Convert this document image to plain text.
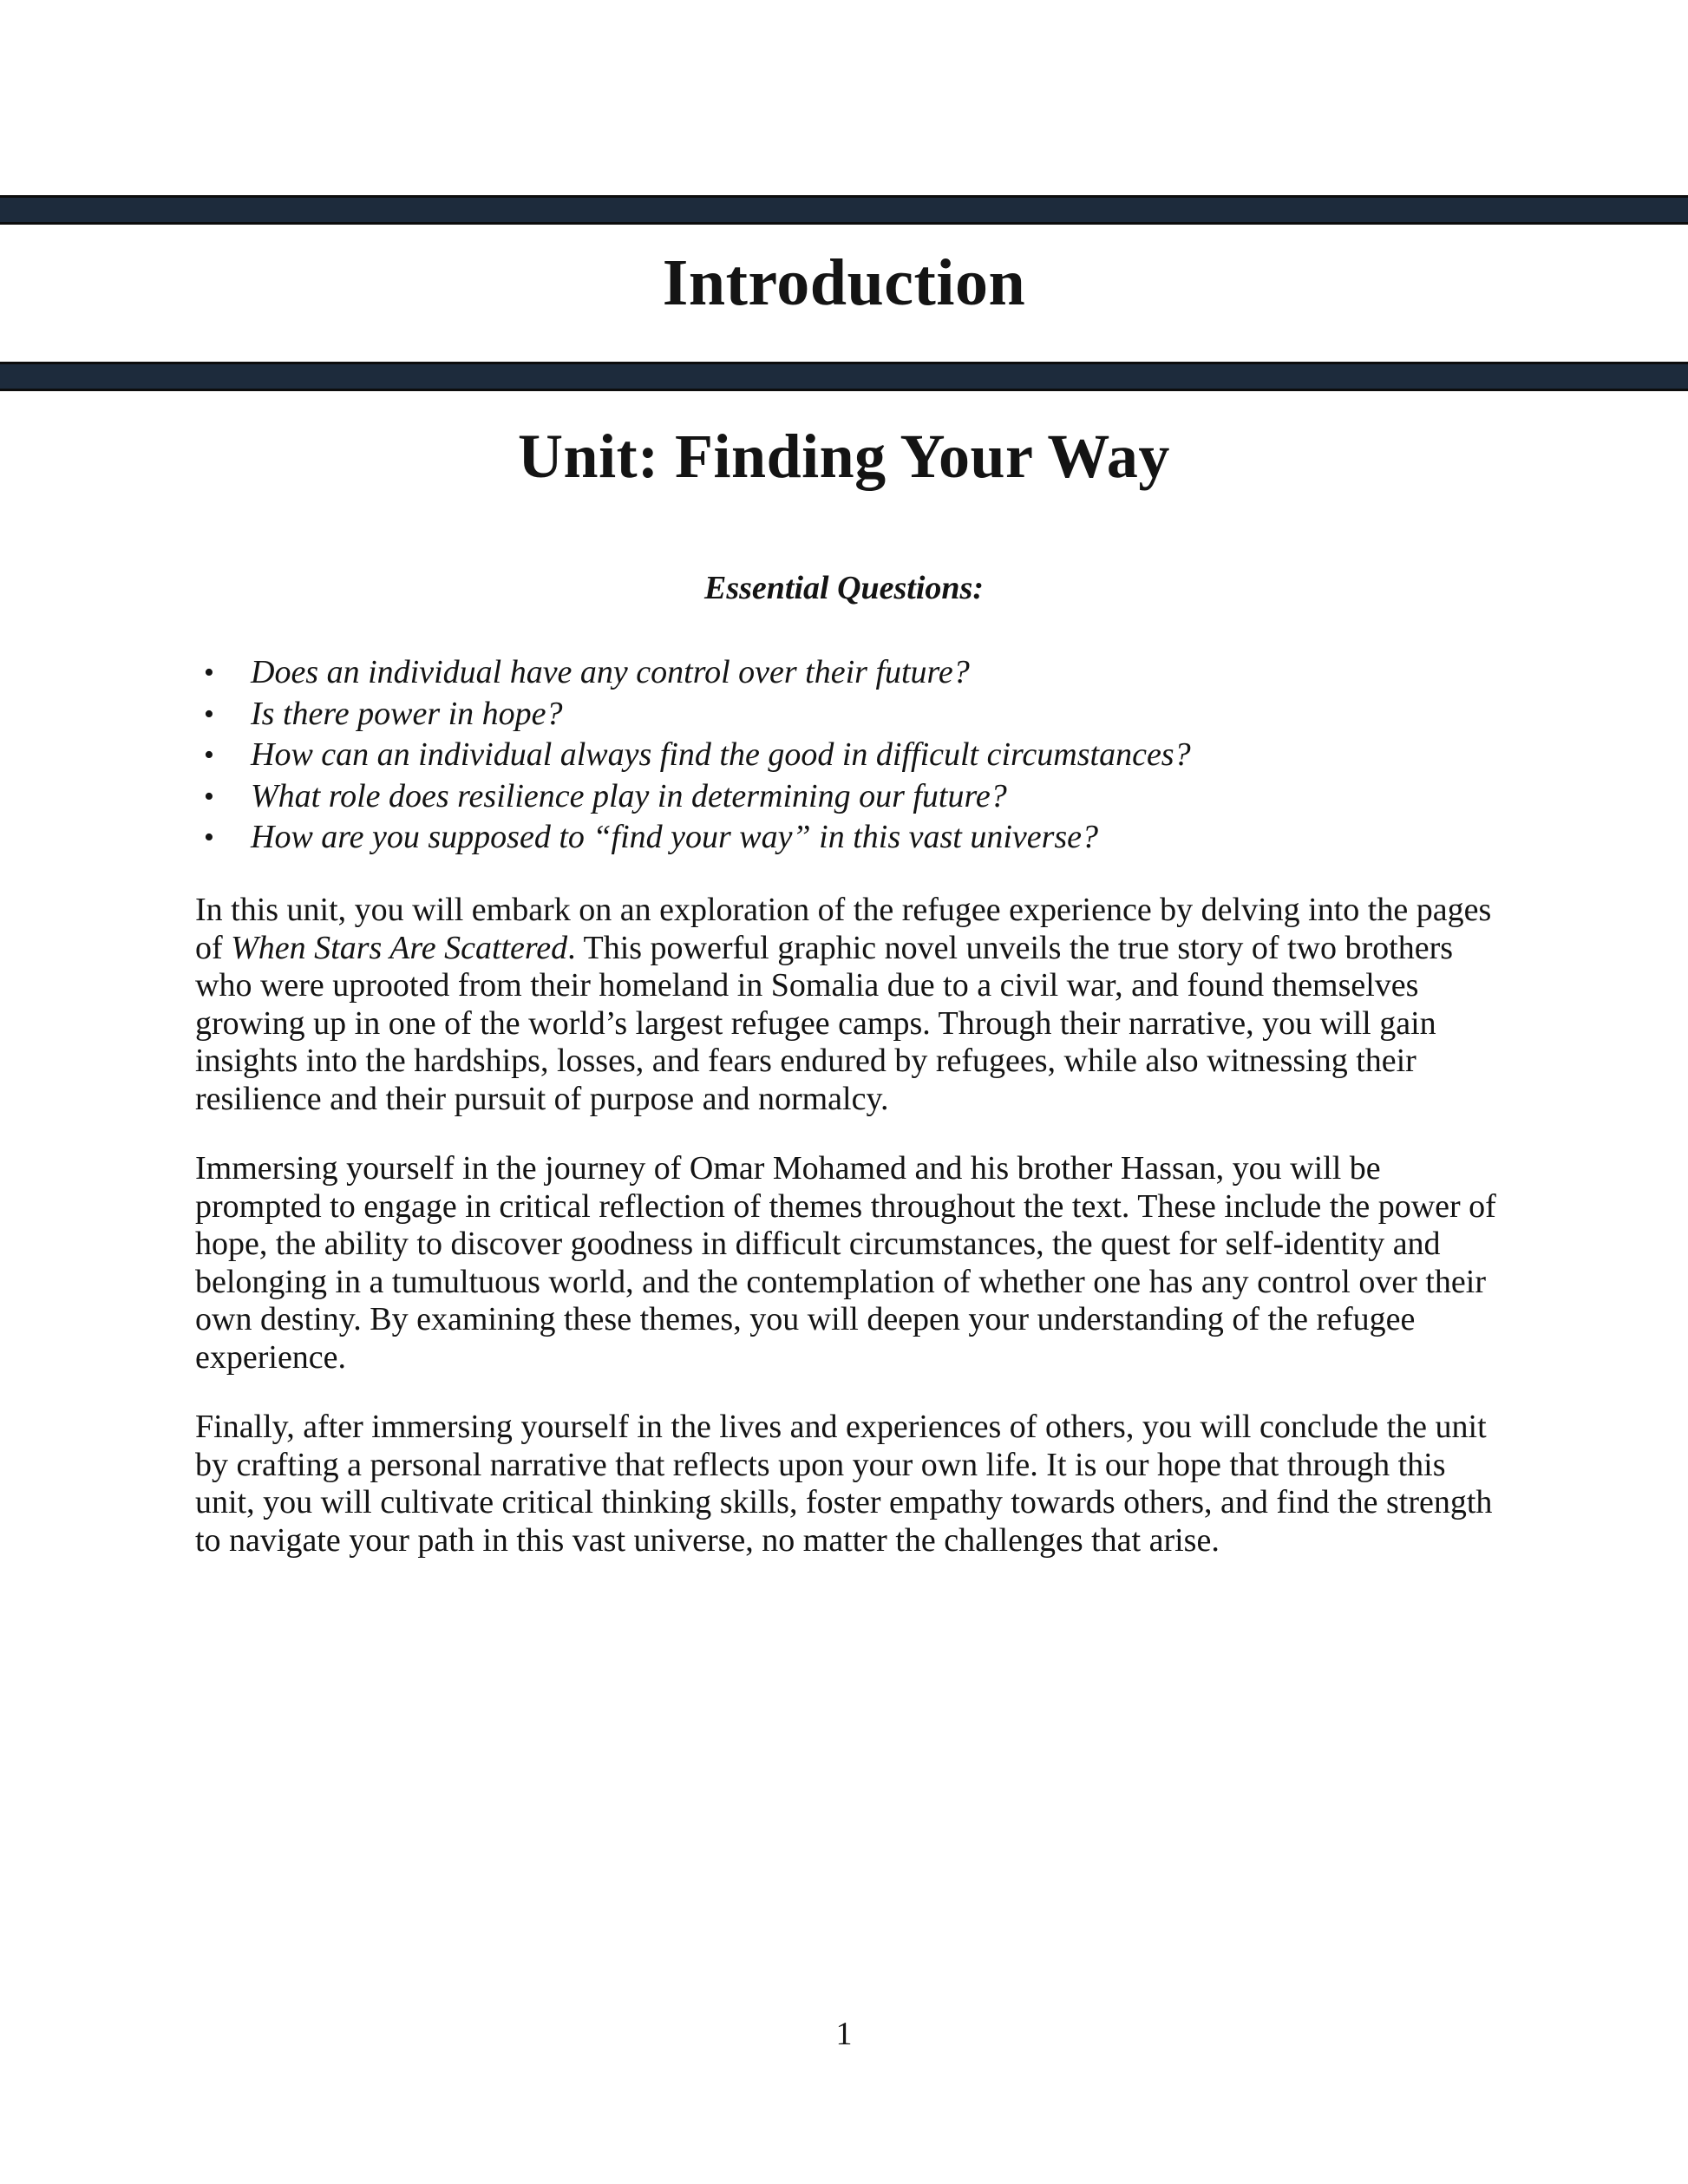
Introduction
Unit: Finding Your Way
Essential Questions:
• Does an individual have any control over their future?
• Is there power in hope?
• How can an individual always find the good in difficult circumstances?
• What role does resilience play in determining our future?
• How are you supposed to “find your way” in this vast universe?

In this unit, you will embark on an exploration of the refugee experience by delving into the pages of When Stars Are Scattered. This powerful graphic novel unveils the true story of two brothers who were uprooted from their homeland in Somalia due to a civil war, and found themselves growing up in one of the world’s largest refugee camps. Through their narrative, you will gain insights into the hardships, losses, and fears endured by refugees, while also witnessing their resilience and their pursuit of purpose and normalcy.

Immersing yourself in the journey of Omar Mohamed and his brother Hassan, you will be prompted to engage in critical reflection of themes throughout the text. These include the power of hope, the ability to discover goodness in difficult circumstances, the quest for self-identity and belonging in a tumultuous world, and the contemplation of whether one has any control over their own destiny. By examining these themes, you will deepen your understanding of the refugee experience.

Finally, after immersing yourself in the lives and experiences of others, you will conclude the unit by crafting a personal narrative that reflects upon your own life. It is our hope that through this unit, you will cultivate critical thinking skills, foster empathy towards others, and find the strength to navigate your path in this vast universe, no matter the challenges that arise.

1
